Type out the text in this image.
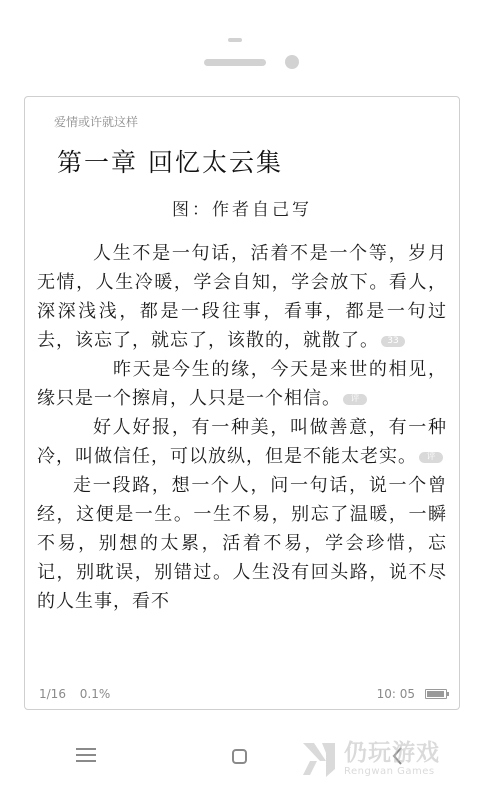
爱情或许就这样
第一章 回忆太云集
图：作者自己写

人生不是一句话，活着不是一个等，岁月无情，人生冷暖，学会自知，学会放下。看人，深深浅浅，都是一段往事，看事，都是一句过去，该忘了，就忘了，该散的，就散了。 33

昨天是今生的缘，今天是来世的相见，缘只是一个擦肩，人只是一个相信。 评

好人好报，有一种美，叫做善意，有一种冷，叫做信任，可以放纵，但是不能太老实。 评

走一段路，想一个人，问一句话，说一个曾经，这便是一生。一生不易，别忘了温暖，一瞬不易，别想的太累，活着不易，学会珍惜，忘记，别耽误，别错过。人生没有回头路，说不尽的人生事，看不

1/16 0.1%	10: 05
仍玩游戏
Rengwan Games
